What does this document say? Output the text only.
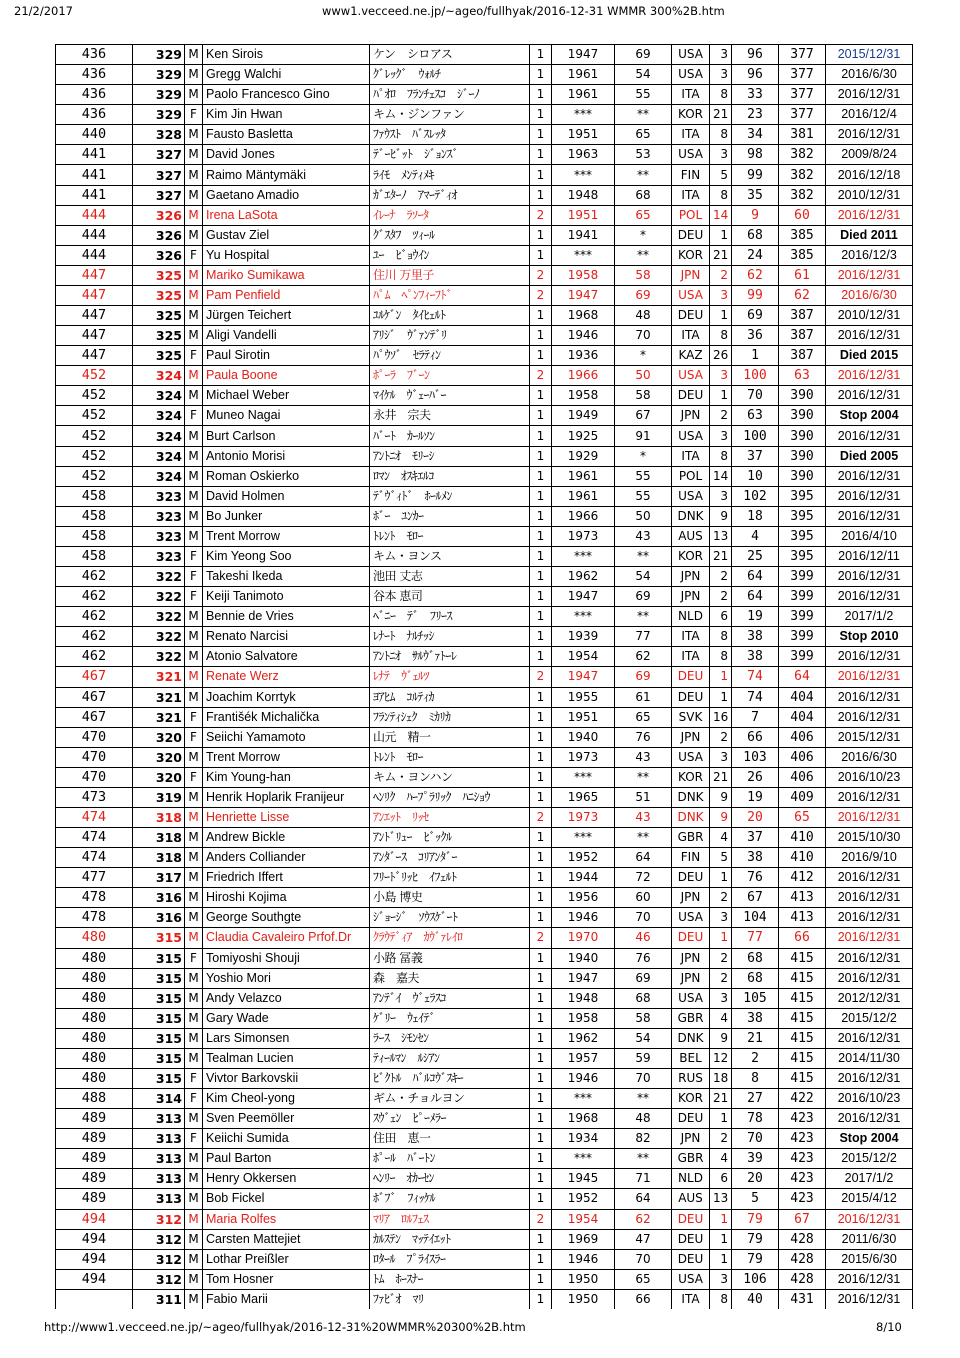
21/2/2017	www1.vecceed.ne.jp/~ageo/fullhyak/2016-12-31 WMMR 300%2B.htm
436	329	M	Ken Sirois	ケン　シロアス	1	1947	69	USA	3	96	377	2015/12/31
436	329	M	Gregg Walchi	ｸﾞﾚｯｸﾞ　ｳｫﾙﾁ	1	1961	54	USA	3	96	377	2016/6/30
436	329	M	Paolo Francesco Gino	ﾊﾟｵﾛ　ﾌﾗﾝﾁｪｽｺ　ｼﾞｰﾉ	1	1961	55	ITA	8	33	377	2016/12/31
436	329	F	Kim Jin Hwan	キム・ジンファン	1	***	**	KOR	21	23	377	2016/12/4
440	328	M	Fausto Basletta	ﾌｧｳｽﾄ　ﾊﾞｽﾚｯﾀ	1	1951	65	ITA	8	34	381	2016/12/31
441	327	M	David Jones	ﾃﾞｰﾋﾞｯﾄ　ｼﾞｮﾝｽﾞ	1	1963	53	USA	3	98	382	2009/8/24
441	327	M	Raimo Mäntymäki	ﾗｲﾓ　ﾒﾝﾃｨﾒｷ	1	***	**	FIN	5	99	382	2016/12/18
441	327	M	Gaetano Amadio	ｶﾞｴﾀｰﾉ　ｱﾏｰﾃﾞｨｵ	1	1948	68	ITA	8	35	382	2010/12/31
444	326	M	Irena LaSota	ｲﾚｰﾅ　ﾗｿｰﾀ	2	1951	65	POL	14	9	60	2016/12/31
444	326	M	Gustav Ziel	ｸﾞｽﾀﾌ　ﾂｨｰﾙ	1	1941	*	DEU	1	68	385	Died 2011
444	326	F	Yu Hospital	ﾕｰ　ﾋﾞｮｳｲﾝ	1	***	**	KOR	21	24	385	2016/12/3
447	325	M	Mariko Sumikawa	住川 万里子	2	1958	58	JPN	2	62	61	2016/12/31
447	325	M	Pam Penfield	ﾊﾟﾑ　ﾍﾟﾝﾌｨｰﾌﾄﾞ	2	1947	69	USA	3	99	62	2016/6/30
447	325	M	Jürgen Teichert	ﾕﾙｹﾞﾝ　ﾀｲﾋｪﾙﾄ	1	1968	48	DEU	1	69	387	2010/12/31
447	325	M	Aligi Vandelli	ｱﾘｼﾞ　ｳﾞｧﾝﾃﾞﾘ	1	1946	70	ITA	8	36	387	2016/12/31
447	325	F	Paul Sirotin	ﾊﾟｳｿﾞ　ｾﾗﾃｨﾝ	1	1936	*	KAZ	26	1	387	Died 2015
452	324	M	Paula Boone	ﾎﾟｰﾗ　ﾌﾞｰﾝ	2	1966	50	USA	3	100	63	2016/12/31
452	324	M	Michael Weber	ﾏｲｹﾙ　ｳﾞｪｰﾊﾞｰ	1	1958	58	DEU	1	70	390	2016/12/31
452	324	F	Muneo Nagai	永井　宗夫	1	1949	67	JPN	2	63	390	Stop 2004
452	324	M	Burt Carlson	ﾊﾞｰﾄ　ｶｰﾙｿﾝ	1	1925	91	USA	3	100	390	2016/12/31
452	324	M	Antonio Morisi	ｱﾝﾄﾆｵ　ﾓﾘｰｼ	1	1929	*	ITA	8	37	390	Died 2005
452	324	M	Roman Oskierko	ﾛﾏﾝ　ｵｽｷｴﾙｺ	1	1961	55	POL	14	10	390	2016/12/31
458	323	M	David Holmen	ﾃﾞｳﾞｨﾄﾞ　ﾎｰﾙﾒﾝ	1	1961	55	USA	3	102	395	2016/12/31
458	323	M	Bo Junker	ﾎﾞｰ　ﾕﾝｶｰ	1	1966	50	DNK	9	18	395	2016/12/31
458	323	M	Trent Morrow	ﾄﾚﾝﾄ　ﾓﾛｰ	1	1973	43	AUS	13	4	395	2016/4/10
458	323	F	Kim Yeong Soo	キム・ヨンス	1	***	**	KOR	21	25	395	2016/12/11
462	322	F	Takeshi Ikeda	池田 丈志	1	1962	54	JPN	2	64	399	2016/12/31
462	322	F	Keiji Tanimoto	谷本 恵司	1	1947	69	JPN	2	64	399	2016/12/31
462	322	M	Bennie de Vries	ﾍﾞﾆｰ　ﾃﾞ　ﾌﾘｰｽ	1	***	**	NLD	6	19	399	2017/1/2
462	322	M	Renato Narcisi	ﾚﾅｰﾄ　ﾅﾙﾁｯｼ	1	1939	77	ITA	8	38	399	Stop 2010
462	322	M	Atonio Salvatore	ｱﾝﾄﾆｵ　ｻﾙｳﾞｧﾄｰﾚ	1	1954	62	ITA	8	38	399	2016/12/31
467	321	M	Renate Werz	ﾚﾅﾃ　ｳﾞｪﾙﾂ	2	1947	69	DEU	1	74	64	2016/12/31
467	321	M	Joachim Korrtyk	ﾖｱﾋﾑ　ｺﾙﾃｨｶ	1	1955	61	DEU	1	74	404	2016/12/31
467	321	F	Františék Michalička	ﾌﾗﾝﾃｨｼｪｸ　ﾐｶﾘｶ	1	1951	65	SVK	16	7	404	2016/12/31
470	320	F	Seiichi Yamamoto	山元　精一	1	1940	76	JPN	2	66	406	2015/12/31
470	320	M	Trent Morrow	ﾄﾚﾝﾄ　ﾓﾛｰ	1	1973	43	USA	3	103	406	2016/6/30
470	320	F	Kim Young-han	キム・ヨンハン	1	***	**	KOR	21	26	406	2016/10/23
473	319	M	Henrik Hoplarik Franijeur	ﾍﾝﾘｸ　ﾊｰﾌﾟﾗﾘｯｸ　ﾊﾆｼｮｳ	1	1965	51	DNK	9	19	409	2016/12/31
474	318	M	Henriette Lisse	ｱﾝｴｯﾄ　ﾘｯｾ	2	1973	43	DNK	9	20	65	2016/12/31
474	318	M	Andrew Bickle	ｱﾝﾄﾞﾘｭｰ　ﾋﾞｯｸﾙ	1	***	**	GBR	4	37	410	2015/10/30
474	318	M	Anders Colliander	ｱﾝﾀﾞｰｽ　ｺﾘｱﾝﾀﾞｰ	1	1952	64	FIN	5	38	410	2016/9/10
477	317	M	Friedrich Iffert	ﾌﾘｰﾄﾞﾘｯﾋ　ｲﾌｪﾙﾄ	1	1944	72	DEU	1	76	412	2016/12/31
478	316	M	Hiroshi Kojima	小島 博史	1	1956	60	JPN	2	67	413	2016/12/31
478	316	M	George Southgte	ｼﾞｮｰｼﾞ　ｿｳｽｹﾞｰﾄ	1	1946	70	USA	3	104	413	2016/12/31
480	315	M	Claudia Cavaleiro Prfof.Dr	ｸﾗｳﾃﾞｨｱ　ｶｳﾞｧﾚｲﾛ	2	1970	46	DEU	1	77	66	2016/12/31
480	315	F	Tomiyoshi Shouji	小路 冨義	1	1940	76	JPN	2	68	415	2016/12/31
480	315	M	Yoshio Mori	森　嘉夫	1	1947	69	JPN	2	68	415	2016/12/31
480	315	M	Andy Velazco	ｱﾝﾃﾞｲ　ｳﾞｪﾗｽｺ	1	1948	68	USA	3	105	415	2012/12/31
480	315	M	Gary Wade	ｹﾞﾘｰ　ｳｪｲﾃﾞ	1	1958	58	GBR	4	38	415	2015/12/2
480	315	M	Lars Simonsen	ﾗｰｽ　ｼﾓﾝｾﾝ	1	1962	54	DNK	9	21	415	2016/12/31
480	315	M	Tealman Lucien	ﾃｨｰﾙﾏﾝ　ﾙｼｱﾝ	1	1957	59	BEL	12	2	415	2014/11/30
480	315	F	Vivtor Barkovskii	ﾋﾞｸﾄﾙ　ﾊﾞﾙｺｳﾞｽｷｰ	1	1946	70	RUS	18	8	415	2016/12/31
488	314	F	Kim Cheol-yong	ギム・チョルヨン	1	***	**	KOR	21	27	422	2016/10/23
489	313	M	Sven Peemöller	ｽｳﾞｪﾝ　ﾋﾟｰﾒﾗｰ	1	1968	48	DEU	1	78	423	2016/12/31
489	313	F	Keiichi Sumida	住田　恵一	1	1934	82	JPN	2	70	423	Stop 2004
489	313	M	Paul Barton	ﾎﾟｰﾙ　ﾊﾞｰﾄﾝ	1	***	**	GBR	4	39	423	2015/12/2
489	313	M	Henry Okkersen	ﾍﾝﾘｰ　ｵｶｰｾﾝ	1	1945	71	NLD	6	20	423	2017/1/2
489	313	M	Bob Fickel	ﾎﾞﾌﾞ　ﾌｨｯｹﾙ	1	1952	64	AUS	13	5	423	2015/4/12
494	312	M	Maria Rolfes	ﾏﾘｱ　ﾛﾙﾌｪｽ	2	1954	62	DEU	1	79	67	2016/12/31
494	312	M	Carsten Mattejiet	ｶﾙｽﾃﾝ　ﾏｯﾃｲｴｯﾄ	1	1969	47	DEU	1	79	428	2011/6/30
494	312	M	Lothar Preißler	ﾛﾀｰﾙ　ﾌﾟﾗｲｽﾗｰ	1	1946	70	DEU	1	79	428	2015/6/30
494	312	M	Tom Hosner	ﾄﾑ　ﾎｰｽﾅｰ	1	1950	65	USA	3	106	428	2016/12/31
	311	M	Fabio Marii	ﾌｧﾋﾞｵ　ﾏﾘ	1	1950	66	ITA	8	40	431	2016/12/31
http://www1.vecceed.ne.jp/~ageo/fullhyak/2016-12-31%20WMMR%20300%2B.htm	8/10
